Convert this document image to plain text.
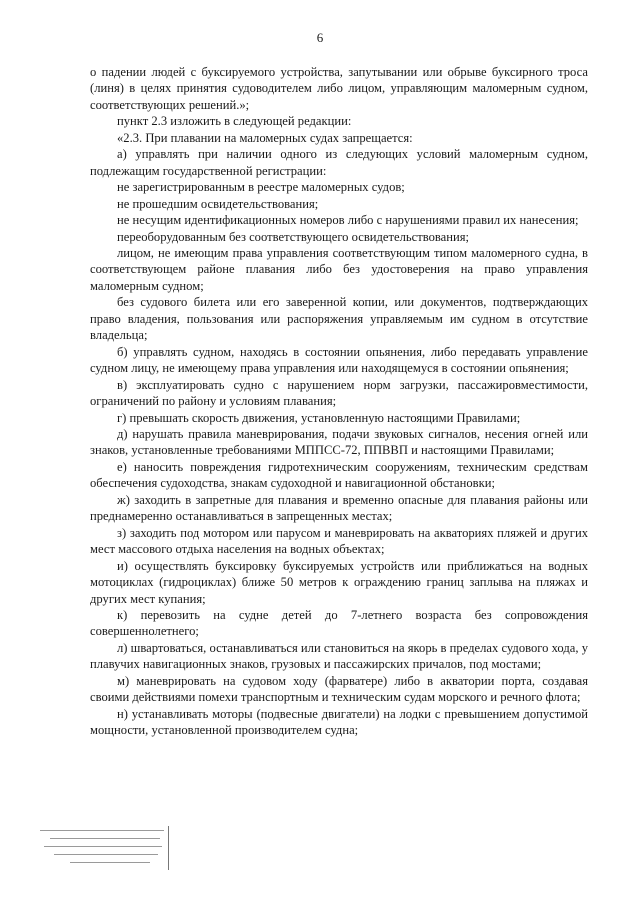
6

о падении людей с буксируемого устройства, запутывании или обрыве буксирного троса (линя) в целях принятия судоводителем либо лицом, управляющим маломерным судном, соответствующих решений.»;

пункт 2.3 изложить в следующей редакции:

«2.3. При плавании на маломерных судах запрещается:

а) управлять при наличии одного из следующих условий маломерным судном, подлежащим государственной регистрации:

не зарегистрированным в реестре маломерных судов;

не прошедшим освидетельствования;

не несущим идентификационных номеров либо с нарушениями правил их нанесения;

переоборудованным без соответствующего освидетельствования;

лицом, не имеющим права управления соответствующим типом маломерного судна, в соответствующем районе плавания либо без удостоверения на право управления маломерным судном;

без судового билета или его заверенной копии, или документов, подтверждающих право владения, пользования или распоряжения управляемым им судном в отсутствие владельца;

б) управлять судном, находясь в состоянии опьянения, либо передавать управление судном лицу, не имеющему права управления или находящемуся в состоянии опьянения;

в) эксплуатировать судно с нарушением норм загрузки, пассажировместимости, ограничений по району и условиям плавания;

г) превышать скорость движения, установленную настоящими Правилами;

д) нарушать правила маневрирования, подачи звуковых сигналов, несения огней или знаков, установленные требованиями МППСС-72, ППВВП и настоящими Правилами;

е) наносить повреждения гидротехническим сооружениям, техническим средствам обеспечения судоходства, знакам судоходной и навигационной обстановки;

ж) заходить в запретные для плавания и временно опасные для плавания районы или преднамеренно останавливаться в запрещенных местах;

з) заходить под мотором или парусом и маневрировать на акваториях пляжей и других мест массового отдыха населения на водных объектах;

и) осуществлять буксировку буксируемых устройств или приближаться на водных мотоциклах (гидроциклах) ближе 50 метров к ограждению границ заплыва на пляжах и других мест купания;

к) перевозить на судне детей до 7-летнего возраста без сопровождения совершеннолетнего;

л) швартоваться, останавливаться или становиться на якорь в пределах судового хода, у плавучих навигационных знаков, грузовых и пассажирских причалов, под мостами;

м) маневрировать на судовом ходу (фарватере) либо в акватории порта, создавая своими действиями помехи транспортным и техническим судам морского и речного флота;

н) устанавливать моторы (подвесные двигатели) на лодки с превышением допустимой мощности, установленной производителем судна;
